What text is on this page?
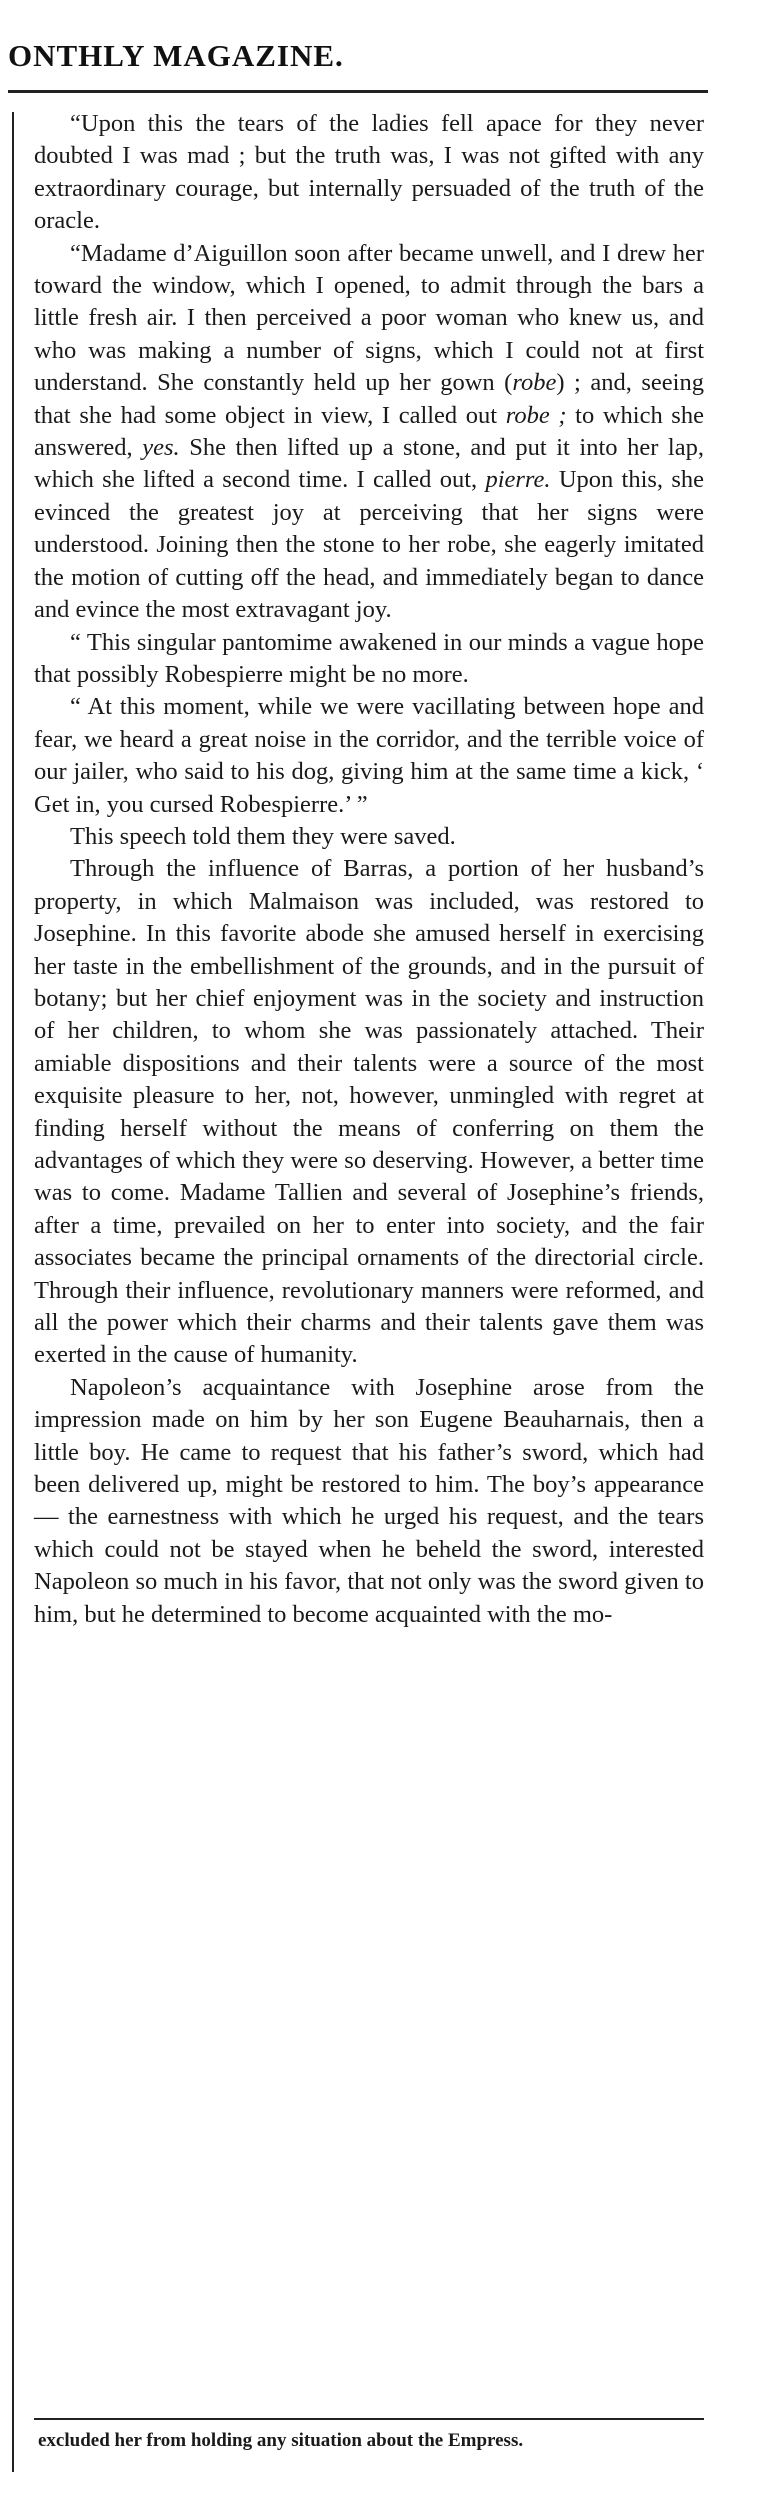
ONTHLY MAGAZINE.

“Upon this the tears of the ladies fell apace for they never doubted I was mad ; but the truth was, I was not gifted with any extraordinary courage, but internally persuaded of the truth of the oracle.

“Madame d’Aiguillon soon after became unwell, and I drew her toward the window, which I opened, to admit through the bars a little fresh air. I then perceived a poor woman who knew us, and who was making a number of signs, which I could not at first understand. She constantly held up her gown (robe) ; and, seeing that she had some object in view, I called out robe ; to which she answered, yes. She then lifted up a stone, and put it into her lap, which she lifted a second time. I called out, pierre. Upon this, she evinced the greatest joy at perceiving that her signs were understood. Joining then the stone to her robe, she eagerly imitated the motion of cutting off the head, and immediately began to dance and evince the most extravagant joy.

“ This singular pantomime awakened in our minds a vague hope that possibly Robespierre might be no more.

“ At this moment, while we were vacillating between hope and fear, we heard a great noise in the corridor, and the terrible voice of our jailer, who said to his dog, giving him at the same time a kick, ‘ Get in, you cursed Robespierre.’ ”

This speech told them they were saved.

Through the influence of Barras, a portion of her husband’s property, in which Malmaison was included, was restored to Josephine. In this favorite abode she amused herself in exercising her taste in the embellishment of the grounds, and in the pursuit of botany; but her chief enjoyment was in the society and instruction of her children, to whom she was passionately attached. Their amiable dispositions and their talents were a source of the most exquisite pleasure to her, not, however, unmingled with regret at finding herself without the means of conferring on them the advantages of which they were so deserving. However, a better time was to come. Madame Tallien and several of Josephine’s friends, after a time, prevailed on her to enter into society, and the fair associates became the principal ornaments of the directorial circle. Through their influence, revolutionary manners were reformed, and all the power which their charms and their talents gave them was exerted in the cause of humanity.

Napoleon’s acquaintance with Josephine arose from the impression made on him by her son Eugene Beauharnais, then a little boy. He came to request that his father’s sword, which had been delivered up, might be restored to him. The boy’s appearance — the earnestness with which he urged his request, and the tears which could not be stayed when he beheld the sword, interested Napoleon so much in his favor, that not only was the sword given to him, but he determined to become acquainted with the mo-

excluded her from holding any situation about the Empress.
